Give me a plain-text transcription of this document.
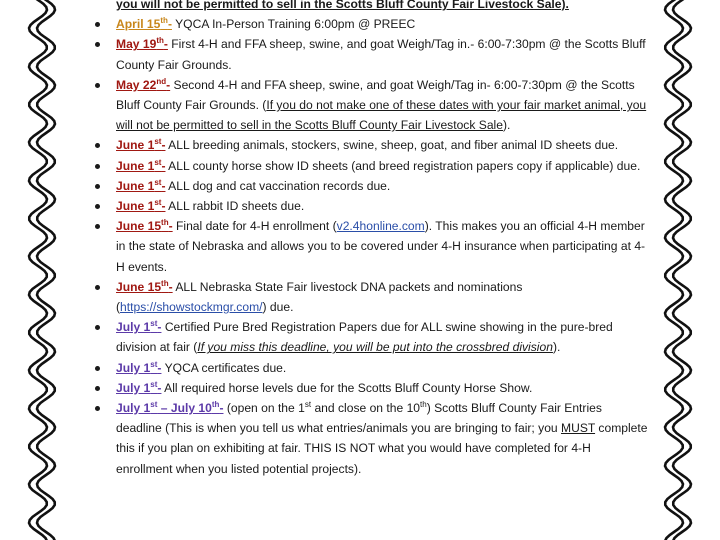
you will not be permitted to sell in the Scotts Bluff County Fair Livestock Sale).
April 15th- YQCA In-Person Training 6:00pm @ PREEC
May 19th- First 4-H and FFA sheep, swine, and goat Weigh/Tag in.- 6:00-7:30pm @ the Scotts Bluff County Fair Grounds.
May 22nd- Second 4-H and FFA sheep, swine, and goat Weigh/Tag in- 6:00-7:30pm @ the Scotts Bluff County Fair Grounds. (If you do not make one of these dates with your fair market animal, you will not be permitted to sell in the Scotts Bluff County Fair Livestock Sale).
June 1st- ALL breeding animals, stockers, swine, sheep, goat, and fiber animal ID sheets due.
June 1st- ALL county horse show ID sheets (and breed registration papers copy if applicable) due.
June 1st- ALL dog and cat vaccination records due.
June 1st- ALL rabbit ID sheets due.
June 15th- Final date for 4-H enrollment (v2.4honline.com). This makes you an official 4-H member in the state of Nebraska and allows you to be covered under 4-H insurance when participating at 4-H events.
June 15th- ALL Nebraska State Fair livestock DNA packets and nominations (https://showstockmgr.com/) due.
July 1st- Certified Pure Bred Registration Papers due for ALL swine showing in the pure-bred division at fair (If you miss this deadline, you will be put into the crossbred division).
July 1st- YQCA certificates due.
July 1st- All required horse levels due for the Scotts Bluff County Horse Show.
July 1st – July 10th- (open on the 1st and close on the 10th) Scotts Bluff County Fair Entries deadline (This is when you tell us what entries/animals you are bringing to fair; you MUST complete this if you plan on exhibiting at fair. THIS IS NOT what you would have completed for 4-H enrollment when you listed potential projects).
